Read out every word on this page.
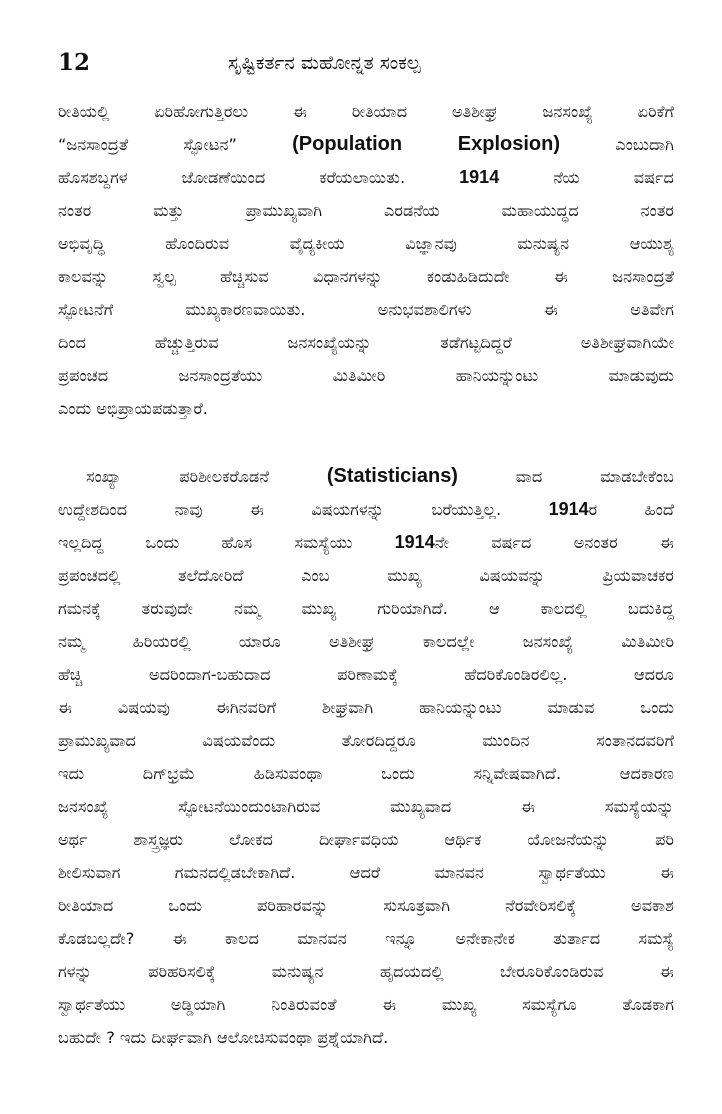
12	ಸೃಷ್ಟಿಕರ್ತನ ಮಹೋನ್ನತ ಸಂಕಲ್ಪ
ರೀತಿಯಲ್ಲಿ ಏರಿಹೋಗುತ್ತಿರಲು ಈ ರೀತಿಯಾದ ಅತಿಶೀಘ್ರ ಜನಸಂಖ್ಯೆ ಏರಿಕೆಗೆ
“ಜನಸಾಂದ್ರತೆ ಸ್ಫೋಟನ”	(Population Explosion)	ಎಂಬುದಾಗಿ
ಹೊಸಶಬ್ದಗಳ ಜೋಡಣೆಯಿಂದ ಕರೆಯಲಾಯಿತು.	1914	ನೆಯ ವರ್ಷದ
ನಂತರ ಮತ್ತು ಪ್ರಾಮುಖ್ಯವಾಗಿ ಎರಡನೆಯ ಮಹಾಯುದ್ಧದ ನಂತರ
ಅಭಿವೃದ್ಧಿ ಹೊಂದಿರುವ ವೈದ್ಯಕೀಯ ವಿಜ್ಞಾನವು ಮನುಷ್ಯನ ಆಯುಶ್ಯ
ಕಾಲವನ್ನು ಸ್ವಲ್ಪ ಹೆಚ್ಚಿಸುವ ವಿಧಾನಗಳನ್ನು ಕಂಡುಹಿಡಿದುದೇ ಈ ಜನಸಾಂದ್ರತೆ
ಸ್ಫೋಟನೆಗೆ ಮುಖ್ಯಕಾರಣವಾಯಿತು. ಅನುಭವಶಾಲಿಗಳು ಈ ಅತಿವೇಗ
ದಿಂದ ಹೆಚ್ಚುತ್ತಿರುವ ಜನಸಂಖ್ಯೆಯನ್ನು ತಡೆಗಟ್ಟದಿದ್ದರೆ ಅತಿಶೀಘ್ರವಾಗಿಯೇ
ಪ್ರಪಂಚದ ಜನಸಾಂದ್ರತೆಯು ಮಿತಿಮೀರಿ ಹಾನಿಯನ್ನುಂಟು ಮಾಡುವುದು
ಎಂದು ಅಭಿಪ್ರಾಯಪಡುತ್ತಾರೆ.
ಸಂಖ್ಯಾ ಪರಿಶೀಲಕರೊಡನೆ	(Statisticians)	ವಾದ ಮಾಡಬೇಕೆಂಬ
ಉದ್ದೇಶದಿಂದ ನಾವು ಈ ವಿಷಯಗಳನ್ನು ಬರೆಯುತ್ತಿಲ್ಲ.	1914ರ ಹಿಂದೆ
ಇಲ್ಲದಿದ್ದ ಒಂದು ಹೊಸ ಸಮಸ್ಯೆಯು 1914ನೇ ವರ್ಷದ ಅನಂತರ ಈ
ಪ್ರಪಂಚದಲ್ಲಿ ತಲೆದೋರಿದೆ ಎಂಬ ಮುಖ್ಯ ವಿಷಯವನ್ನು ಪ್ರಿಯವಾಚಕರ
ಗಮನಕ್ಕೆ ತರುವುದೇ ನಮ್ಮ ಮುಖ್ಯ ಗುರಿಯಾಗಿದೆ. ಆ ಕಾಲದಲ್ಲಿ ಬದುಕಿದ್ದ
ನಮ್ಮ ಹಿರಿಯರಲ್ಲಿ ಯಾರೂ ಅತಿಶೀಘ್ರ ಕಾಲದಲ್ಲೇ ಜನಸಂಖ್ಯೆ ಮಿತಿಮೀರಿ
ಹೆಚ್ಚಿ ಅದರಿಂದಾಗ-ಬಹುದಾದ ಪರಿಣಾಮಕ್ಕೆ ಹೆದರಿಕೊಂಡಿರಲಿಲ್ಲ. ಆದರೂ
ಈ ವಿಷಯವು ಈಗಿನವರಿಗೆ ಶೀಘ್ರವಾಗಿ ಹಾನಿಯನ್ನುಂಟು ಮಾಡುವ ಒಂದು
ಪ್ರಾಮುಖ್ಯವಾದ ವಿಷಯವೆಂದು ತೋರದಿದ್ದರೂ ಮುಂದಿನ ಸಂತಾನದವರಿಗೆ
ಇದು ದಿಗ್‌ಭ್ರಮೆ ಹಿಡಿಸುವಂಥಾ ಒಂದು ಸನ್ನಿವೇಷವಾಗಿದೆ. ಆದಕಾರಣ
ಜನಸಂಖ್ಯೆ ಸ್ಫೋಟನೆಯಿಂದುಂಟಾಗಿರುವ ಮುಖ್ಯವಾದ ಈ ಸಮಸ್ಯೆಯನ್ನು
ಅರ್ಥ ಶಾಸ್ತ್ರಜ್ಞರು ಲೋಕದ ದೀರ್ಘಾವಧಿಯ ಆರ್ಥಿಕ ಯೋಜನೆಯನ್ನು ಪರಿ
ಶೀಲಿಸುವಾಗ ಗಮನದಲ್ಲಿಡಬೇಕಾಗಿದೆ. ಆದರೆ ಮಾನವನ ಸ್ವಾರ್ಥತೆಯು ಈ
ರೀತಿಯಾದ ಒಂದು ಪರಿಹಾರವನ್ನು ಸುಸೂತ್ರವಾಗಿ ನೆರವೇರಿಸಲಿಕ್ಕೆ ಅವಕಾಶ
ಕೊಡಬಲ್ಲದೇ? ಈ ಕಾಲದ ಮಾನವನ ಇನ್ನೂ ಅನೇಕಾನೇಕ ತುರ್ತಾದ ಸಮಸ್ಯೆ
ಗಳನ್ನು ಪರಿಹರಿಸಲಿಕ್ಕೆ ಮನುಷ್ಯನ ಹೃದಯದಲ್ಲಿ ಬೇರೂರಿಕೊಂಡಿರುವ ಈ
ಸ್ವಾರ್ಥತೆಯು ಅಡ್ಡಿಯಾಗಿ ನಿಂತಿರುವಂತೆ ಈ ಮುಖ್ಯ ಸಮಸ್ಯೆಗೂ ತೊಡಕಾಗ
ಬಹುದೇ ? ಇದು ದೀರ್ಘವಾಗಿ ಆಲೋಚಿಸುವಂಥಾ ಪ್ರಶ್ನೆಯಾಗಿದೆ.
